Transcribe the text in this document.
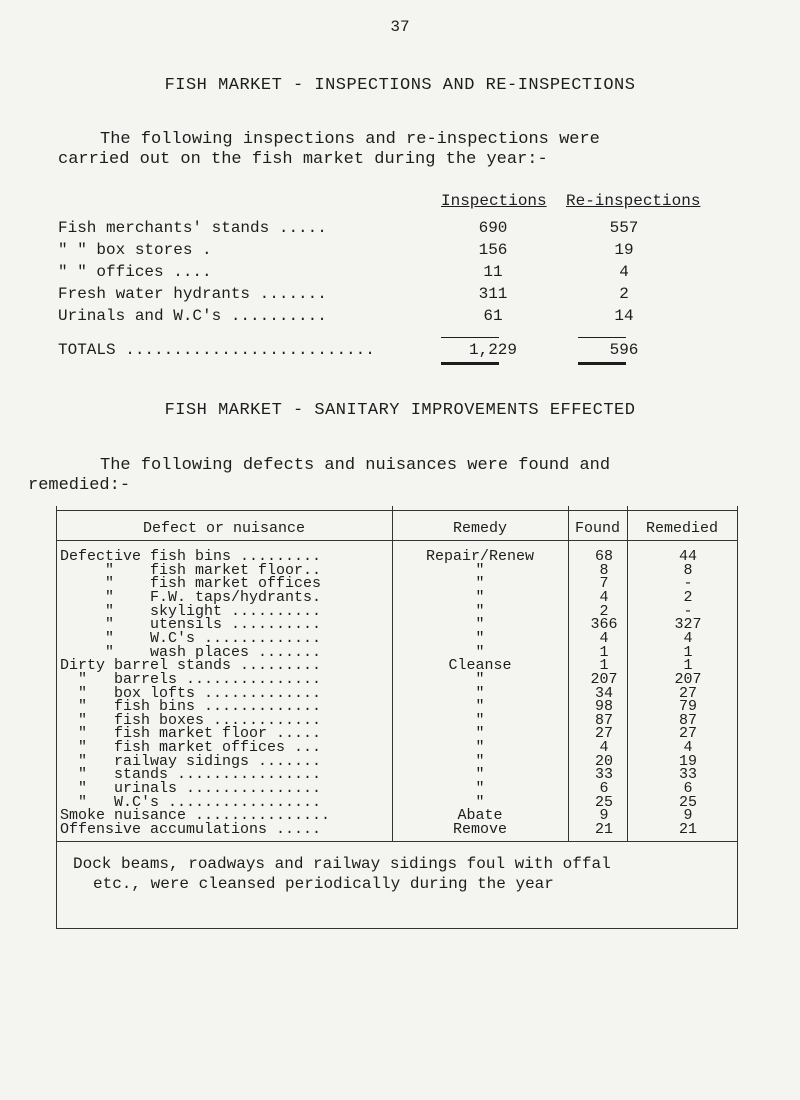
37
FISH MARKET - INSPECTIONS AND RE-INSPECTIONS
The following inspections and re-inspections were
carried out on the fish market during the year:-
Inspections Re-inspections
Fish merchants' stands .....	690	557
" " box stores .	156	19
" " offices ....	11	4
Fresh water hydrants .......	311	2
Urinals and W.C's ..........	61	14
TOTALS ..........................	1,229	596
FISH MARKET - SANITARY IMPROVEMENTS EFFECTED
The following defects and nuisances were found and
remedied:-
Defect or nuisance	Remedy	Found	Remedied
Defective fish bins .........	Repair/Renew	68	44
"    fish market floor..	"	8	8
"    fish market offices	"	7	-
"    F.W. taps/hydrants.	"	4	2
"    skylight ..........	"	2	-
"    utensils ..........	"	366	327
"    W.C's .............	"	4	4
"    wash places .......	"	1	1
Dirty barrel stands .........	Cleanse	1	1
"   barrels ...............	"	207	207
"   box lofts .............	"	34	27
"   fish bins .............	"	98	79
"   fish boxes ............	"	87	87
"   fish market floor .....	"	27	27
"   fish market offices ...	"	4	4
"   railway sidings .......	"	20	19
"   stands ................	"	33	33
"   urinals ...............	"	6	6
"   W.C's .................	"	25	25
Smoke nuisance ...............	Abate	9	9
Offensive accumulations .....	Remove	21	21
Dock beams, roadways and railway sidings foul with offal
etc., were cleansed periodically during the year
